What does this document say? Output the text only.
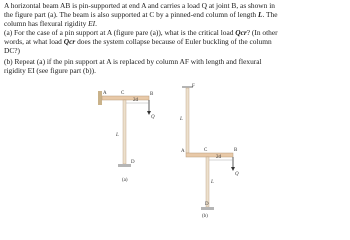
A horizontal beam AB is pin-supported at end A and carries a load Q at joint B, as shown in
the figure part (a). The beam is also supported at C by a pinned-end column of length L. The
column has flexural rigidity EI.
(a) For the case of a pin support at A (figure pare (a)), what is the critical load Qcr? (In other
words, at what load Qcr does the system collapse because of Euler buckling of the column
DC?)

(b) Repeat (a) if the pin support at A is replaced by column AF with length and flexural
rigidity EI (see figure part (b)).

A	C	B
2d
L
D
Q
(a)
F
L
A	C	B
2d
L
Q
D
(b)
